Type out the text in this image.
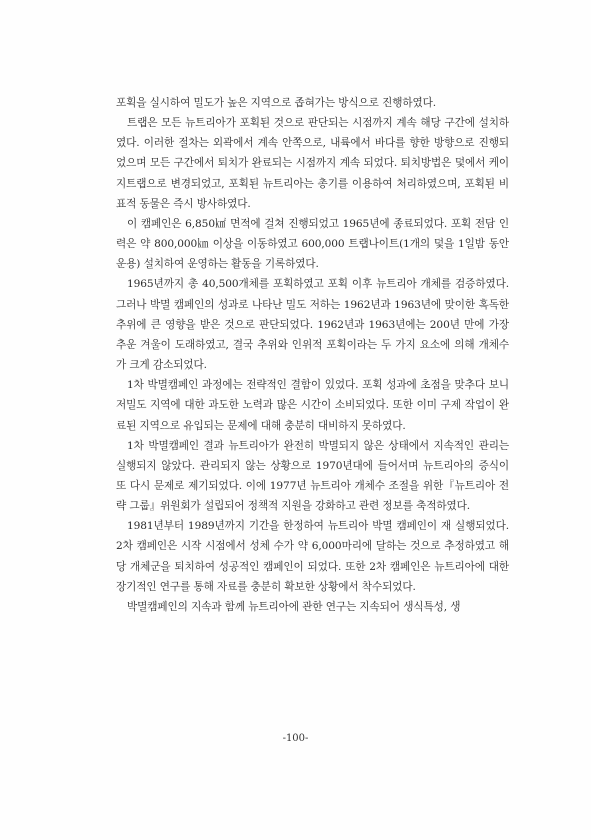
포획을 실시하여 밀도가 높은 지역으로 좁혀가는 방식으로 진행하였다.

트랩은 모든 뉴트리아가 포획된 것으로 판단되는 시점까지 계속 해당 구간에 설치하였다. 이러한 절차는 외곽에서 계속 안쪽으로, 내륙에서 바다를 향한 방향으로 진행되었으며 모든 구간에서 퇴치가 완료되는 시점까지 계속 되었다. 퇴치방법은 덫에서 케이지트랩으로 변경되었고, 포획된 뉴트리아는 총기를 이용하여 처리하였으며, 포획된 비 표적 동물은 즉시 방사하였다.

이 캠페인은 6,850㎢ 면적에 걸쳐 진행되었고 1965년에 종료되었다. 포획 전담 인력은 약 800,000㎞ 이상을 이동하였고 600,000 트랩나이트(1개의 덫을 1일밤 동안 운용) 설치하여 운영하는 활동을 기록하였다.

1965년까지 총 40,500개체를 포획하였고 포획 이후 뉴트리아 개체를 검증하였다. 그러나 박멸 캠페인의 성과로 나타난 밀도 저하는 1962년과 1963년에 맞이한 혹독한 추위에 큰 영향을 받은 것으로 판단되었다. 1962년과 1963년에는 200년 만에 가장 추운 겨울이 도래하였고, 결국 추위와 인위적 포획이라는 두 가지 요소에 의해 개체수가 크게 감소되었다.

1차 박멸캠페인 과정에는 전략적인 결함이 있었다. 포획 성과에 초점을 맞추다 보니 저밀도 지역에 대한 과도한 노력과 많은 시간이 소비되었다. 또한 이미 구제 작업이 완료된 지역으로 유입되는 문제에 대해 충분히 대비하지 못하였다.

1차 박멸캠페인 결과 뉴트리아가 완전히 박멸되지 않은 상태에서 지속적인 관리는 실행되지 않았다. 관리되지 않는 상황으로 1970년대에 들어서며 뉴트리아의 증식이 또 다시 문제로 제기되었다. 이에 1977년 뉴트리아 개체수 조절을 위한『뉴트리아 전략 그룹』위원회가 설립되어 정책적 지원을 강화하고 관련 정보를 축적하였다.

1981년부터 1989년까지 기간을 한정하여 뉴트리아 박멸 캠페인이 재 실행되었다. 2차 캠페인은 시작 시점에서 성체 수가 약 6,000마리에 달하는 것으로 추정하였고 해당 개체군을 퇴치하여 성공적인 캠페인이 되었다. 또한 2차 캠페인은 뉴트리아에 대한 장기적인 연구를 통해 자료를 충분히 확보한 상황에서 착수되었다.

박멸캠페인의 지속과 함께 뉴트리아에 관한 연구는 지속되어 생식특성, 생

-100-
